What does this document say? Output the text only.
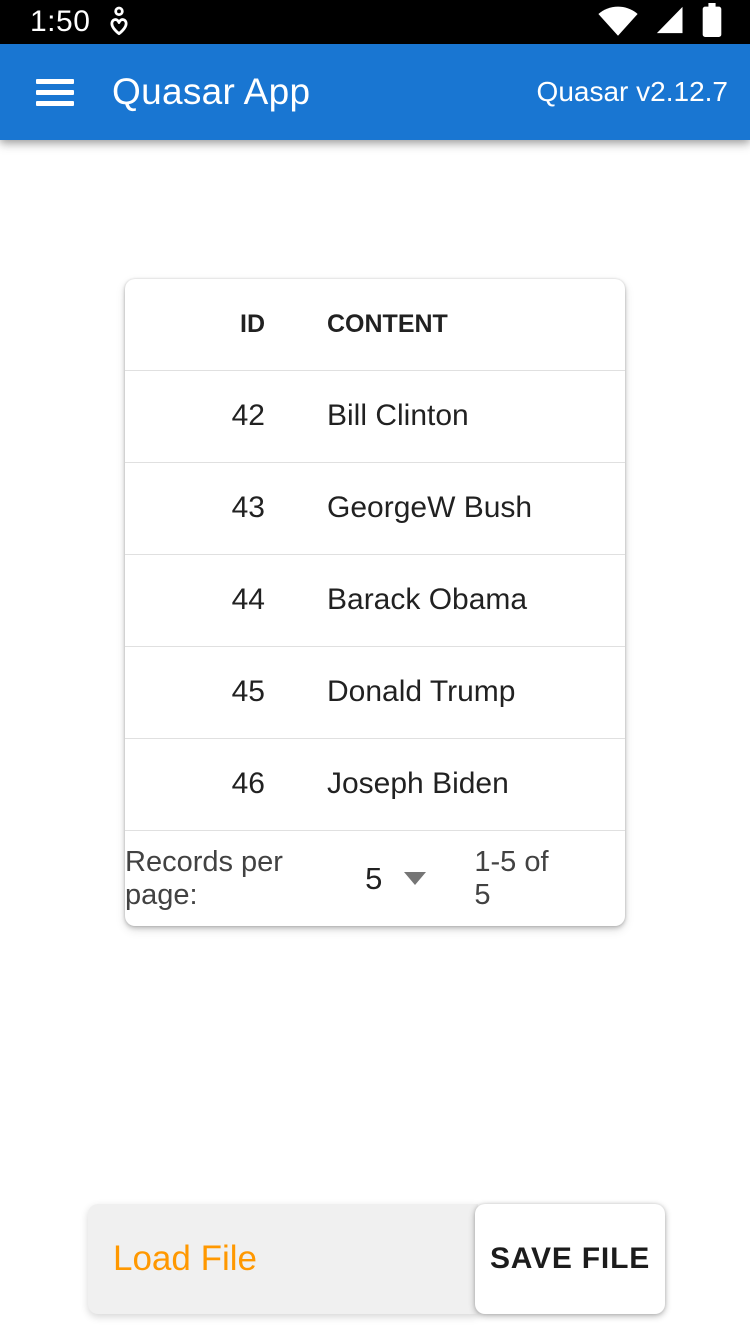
1:50
Quasar App	Quasar v2.12.7
ID	CONTENT
42	Bill Clinton
43	GeorgeW Bush
44	Barack Obama
45	Donald Trump
46	Joseph Biden
Records per page:	5	1-5 of 5
Load File	SAVE FILE
